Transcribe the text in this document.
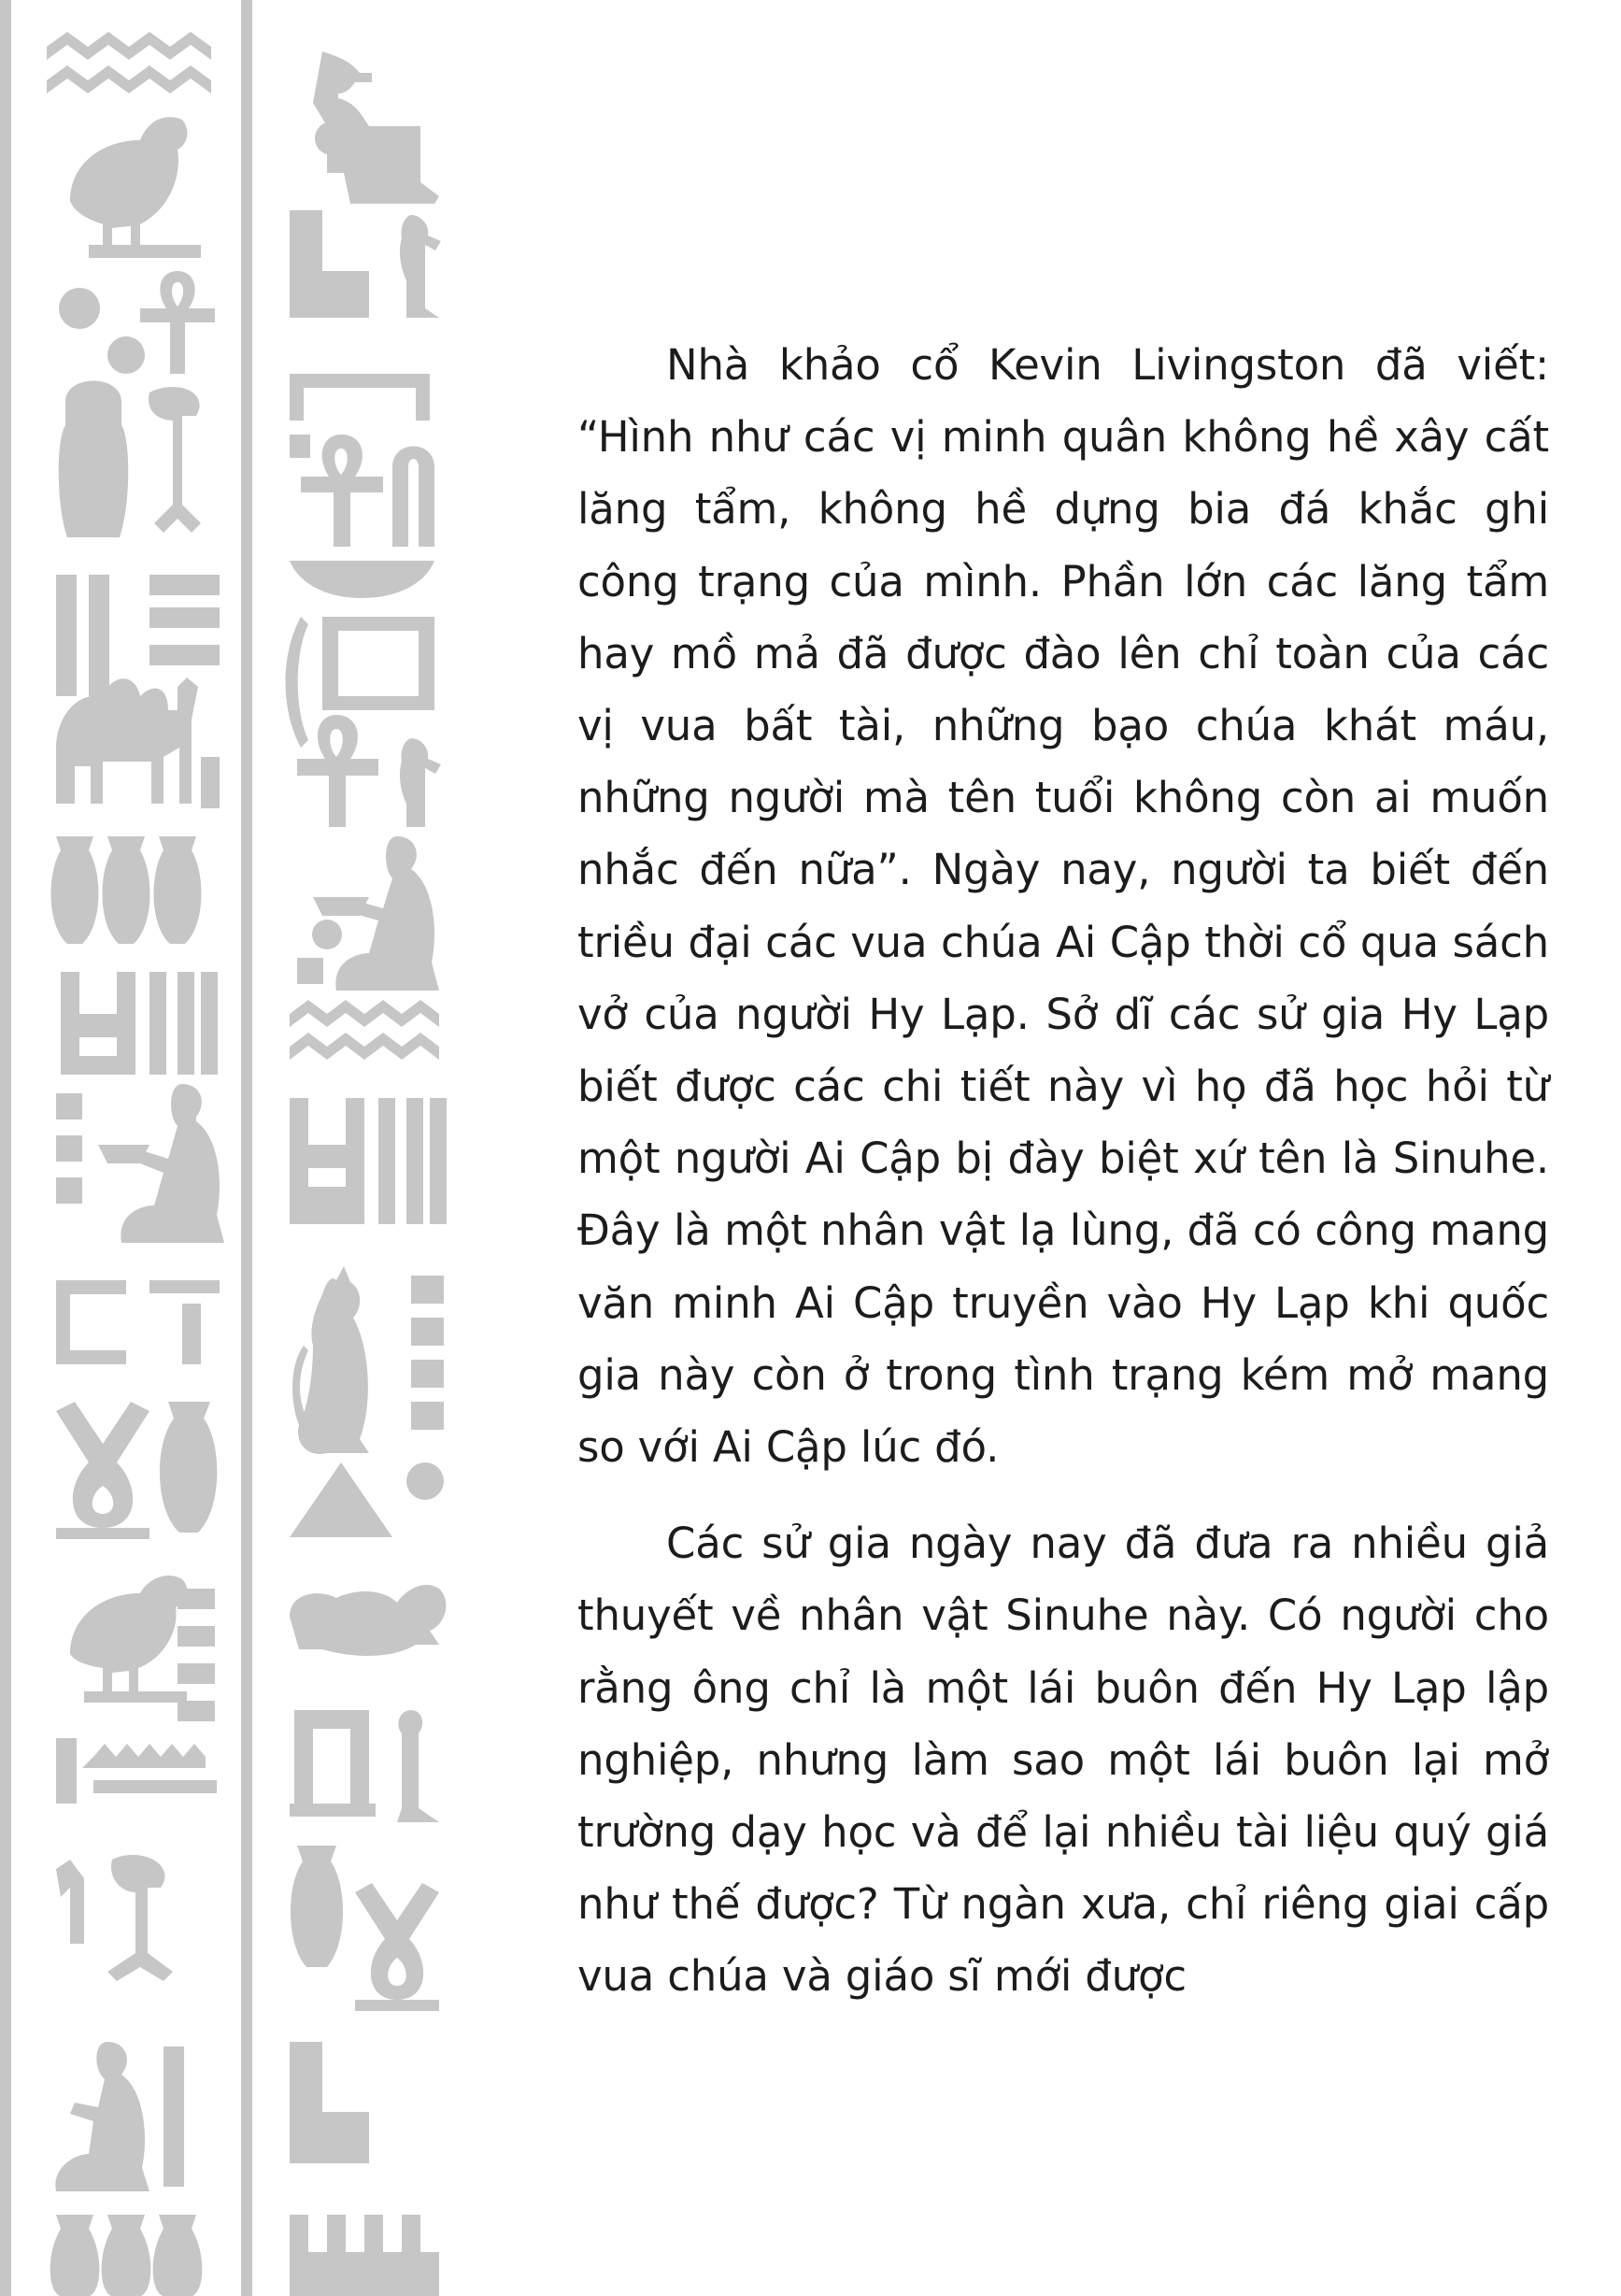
Nhà khảo cổ Kevin Livingston đã viết: “Hình như các vị minh quân không hề xây cất lăng tẩm, không hề dựng bia đá khắc ghi công trạng của mình. Phần lớn các lăng tẩm hay mồ mả đã được đào lên chỉ toàn của các vị vua bất tài, những bạo chúa khát máu, những người mà tên tuổi không còn ai muốn nhắc đến nữa”. Ngày nay, người ta biết đến triều đại các vua chúa Ai Cập thời cổ qua sách vở của người Hy Lạp. Sở dĩ các sử gia Hy Lạp biết được các chi tiết này vì họ đã học hỏi từ một người Ai Cập bị đày biệt xứ tên là Sinuhe. Đây là một nhân vật lạ lùng, đã có công mang văn minh Ai Cập truyền vào Hy Lạp khi quốc gia này còn ở trong tình trạng kém mở mang so với Ai Cập lúc đó.

Các sử gia ngày nay đã đưa ra nhiều giả thuyết về nhân vật Sinuhe này. Có người cho rằng ông chỉ là một lái buôn đến Hy Lạp lập nghiệp, nhưng làm sao một lái buôn lại mở trường dạy học và để lại nhiều tài liệu quý giá như thế được? Từ ngàn xưa, chỉ riêng giai cấp vua chúa và giáo sĩ mới được
